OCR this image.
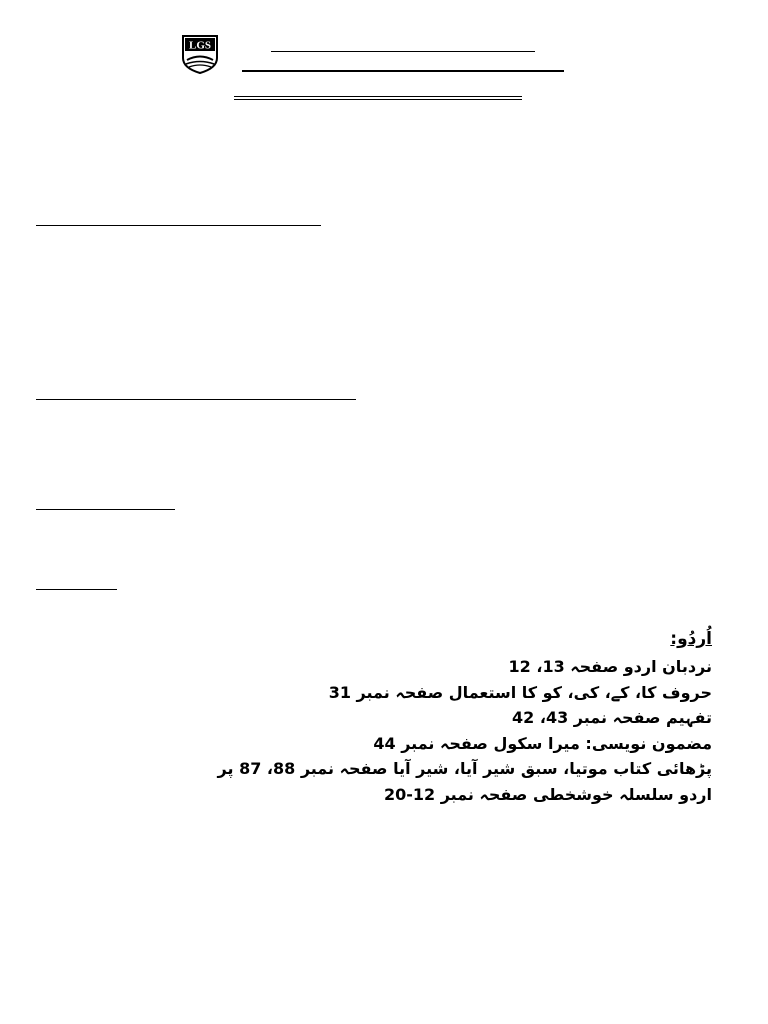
LGS
اُردُو:
نردبان اردو صفحہ 13، 12
حروف کا، کے، کی، کو کا استعمال صفحہ نمبر 31
تفہیم صفحہ نمبر 43، 42
مضمون نویسی: میرا سکول صفحہ نمبر 44
پڑھائی کتاب موتیا، سبق شیر آیا، شیر آیا صفحہ نمبر 88، 87 پر
اردو سلسلہ خوشخطی صفحہ نمبر 12-20
